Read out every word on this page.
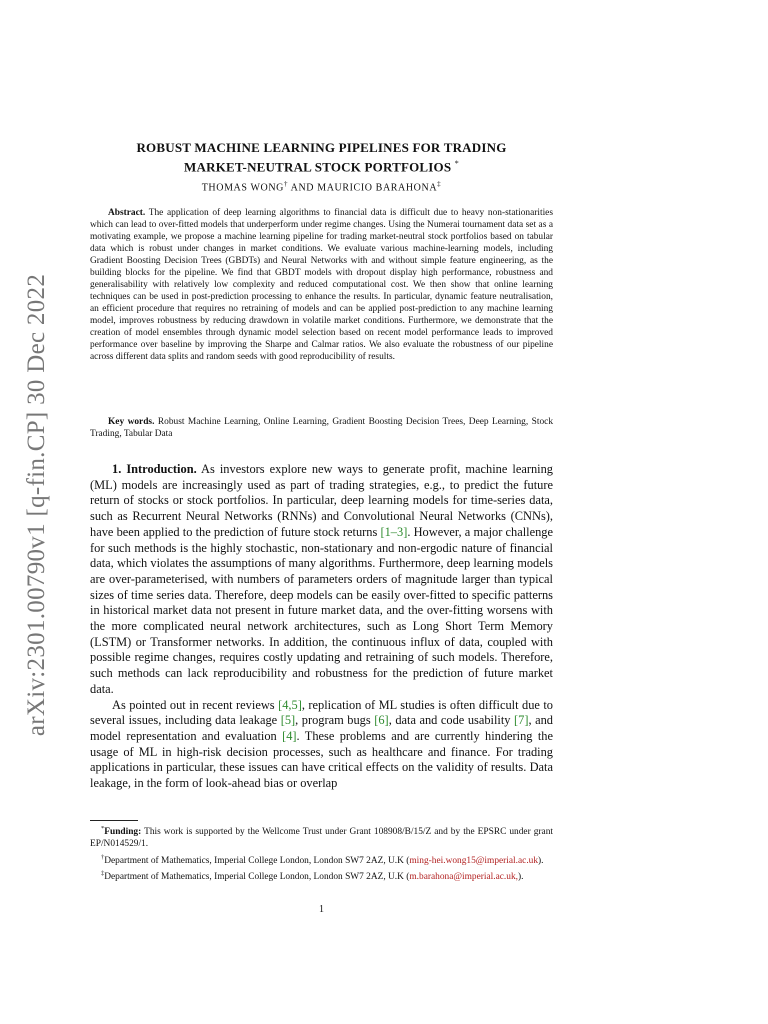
arXiv:2301.00790v1 [q-fin.CP] 30 Dec 2022
ROBUST MACHINE LEARNING PIPELINES FOR TRADING
MARKET-NEUTRAL STOCK PORTFOLIOS *
THOMAS WONG† AND MAURICIO BARAHONA‡
Abstract. The application of deep learning algorithms to financial data is difficult due to heavy non-stationarities which can lead to over-fitted models that underperform under regime changes. Using the Numerai tournament data set as a motivating example, we propose a machine learning pipeline for trading market-neutral stock portfolios based on tabular data which is robust under changes in market conditions. We evaluate various machine-learning models, including Gradient Boosting Decision Trees (GBDTs) and Neural Networks with and without simple feature engineering, as the building blocks for the pipeline. We find that GBDT models with dropout display high performance, robustness and generalisability with relatively low complexity and reduced computational cost. We then show that online learning techniques can be used in post-prediction processing to enhance the results. In particular, dynamic feature neutralisation, an efficient procedure that requires no retraining of models and can be applied post-prediction to any machine learning model, improves robustness by reducing drawdown in volatile market conditions. Furthermore, we demonstrate that the creation of model ensembles through dynamic model selection based on recent model performance leads to improved performance over baseline by improving the Sharpe and Calmar ratios. We also evaluate the robustness of our pipeline across different data splits and random seeds with good reproducibility of results.
Key words. Robust Machine Learning, Online Learning, Gradient Boosting Decision Trees, Deep Learning, Stock Trading, Tabular Data

1. Introduction. As investors explore new ways to generate profit, machine learning (ML) models are increasingly used as part of trading strategies, e.g., to predict the future return of stocks or stock portfolios. In particular, deep learning models for time-series data, such as Recurrent Neural Networks (RNNs) and Convolutional Neural Networks (CNNs), have been applied to the prediction of future stock returns [1–3]. However, a major challenge for such methods is the highly stochastic, non-stationary and non-ergodic nature of financial data, which violates the assumptions of many algorithms. Furthermore, deep learning models are over-parameterised, with numbers of parameters orders of magnitude larger than typical sizes of time series data. Therefore, deep models can be easily over-fitted to specific patterns in historical market data not present in future market data, and the over-fitting worsens with the more complicated neural network architectures, such as Long Short Term Memory (LSTM) or Transformer networks. In addition, the continuous influx of data, coupled with possible regime changes, requires costly updating and retraining of such models. Therefore, such methods can lack reproducibility and robustness for the prediction of future market data.

As pointed out in recent reviews [4,5], replication of ML studies is often difficult due to several issues, including data leakage [5], program bugs [6], data and code usability [7], and model representation and evaluation [4]. These problems and are currently hindering the usage of ML in high-risk decision processes, such as healthcare and finance. For trading applications in particular, these issues can have critical effects on the validity of results. Data leakage, in the form of look-ahead bias or overlap

*Funding: This work is supported by the Wellcome Trust under Grant 108908/B/15/Z and by the EPSRC under grant EP/N014529/1.

†Department of Mathematics, Imperial College London, London SW7 2AZ, U.K (ming-hei.wong15@imperial.ac.uk).

‡Department of Mathematics, Imperial College London, London SW7 2AZ, U.K (m.barahona@imperial.ac.uk,).

1
